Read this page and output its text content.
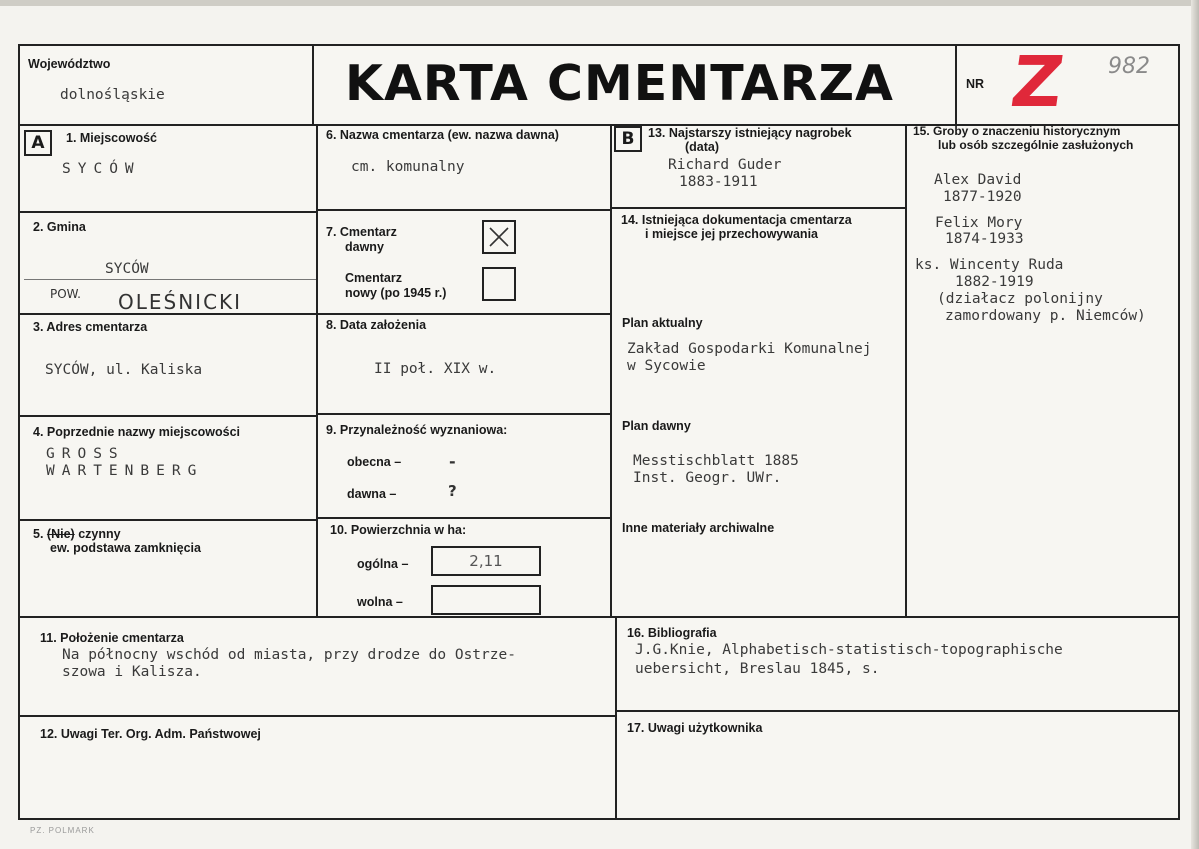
Województwo
dolnośląskie	KARTA CMENTARZA	NR Z 982
A	B
1. Miejscowość
SYCÓW
2. Gmina
SYCÓW
POW. OLEŚNICKI
3. Adres cmentarza
SYCÓW, ul. Kaliska
4. Poprzednie nazwy miejscowości
GROSS
WARTENBERG
5. (Nie) czynny
ew. podstawa zamknięcia
6. Nazwa cmentarza (ew. nazwa dawna)
cm. komunalny
7. Cmentarz
dawny
Cmentarz
nowy (po 1945 r.)
8. Data założenia
II poł. XIX w.
9. Przynależność wyznaniowa:
obecna –	-
dawna –	?
10. Powierzchnia w ha:
ogólna –	2,11
wolna –
13. Najstarszy istniejący nagrobek
(data)
Richard Guder
1883-1911
14. Istniejąca dokumentacja cmentarza
i miejsce jej przechowywania
Plan aktualny
Zakład Gospodarki Komunalnej
w Sycowie
Plan dawny
Messtischblatt 1885
Inst. Geogr. UWr.
Inne materiały archiwalne
15. Groby o znaczeniu historycznym
lub osób szczególnie zasłużonych
Alex David
1877-1920
Felix Mory
1874-1933
ks. Wincenty Ruda
1882-1919
(działacz polonijny
zamordowany p. Niemców)
11. Położenie cmentarza
Na północny wschód od miasta, przy drodze do Ostrze-
szowa i Kalisza.
12. Uwagi Ter. Org. Adm. Państwowej
16. Bibliografia
J.G.Knie, Alphabetisch-statistisch-topographische
uebersicht, Breslau 1845, s.
17. Uwagi użytkownika
PZ. POLMARK
